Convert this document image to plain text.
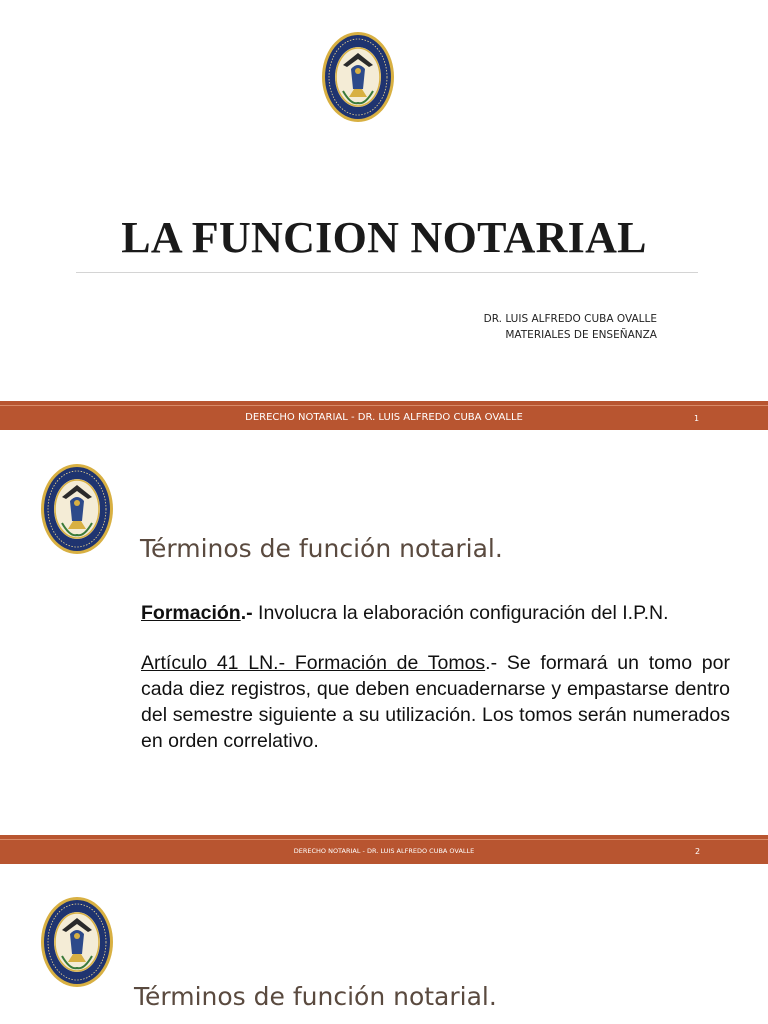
LA FUNCION NOTARIAL
DR. LUIS ALFREDO CUBA OVALLE
MATERIALES DE ENSEÑANZA
DERECHO NOTARIAL - DR. LUIS ALFREDO CUBA OVALLE	1
Términos de función notarial.

Formación.- Involucra la elaboración configuración del I.P.N.

Artículo 41 LN.- Formación de Tomos.- Se formará un tomo por cada diez registros, que deben encuadernarse y empastarse dentro del semestre siguiente a su utilización. Los tomos serán numerados en orden correlativo.

DERECHO NOTARIAL - DR. LUIS ALFREDO CUBA OVALLE	2
Términos de función notarial.
